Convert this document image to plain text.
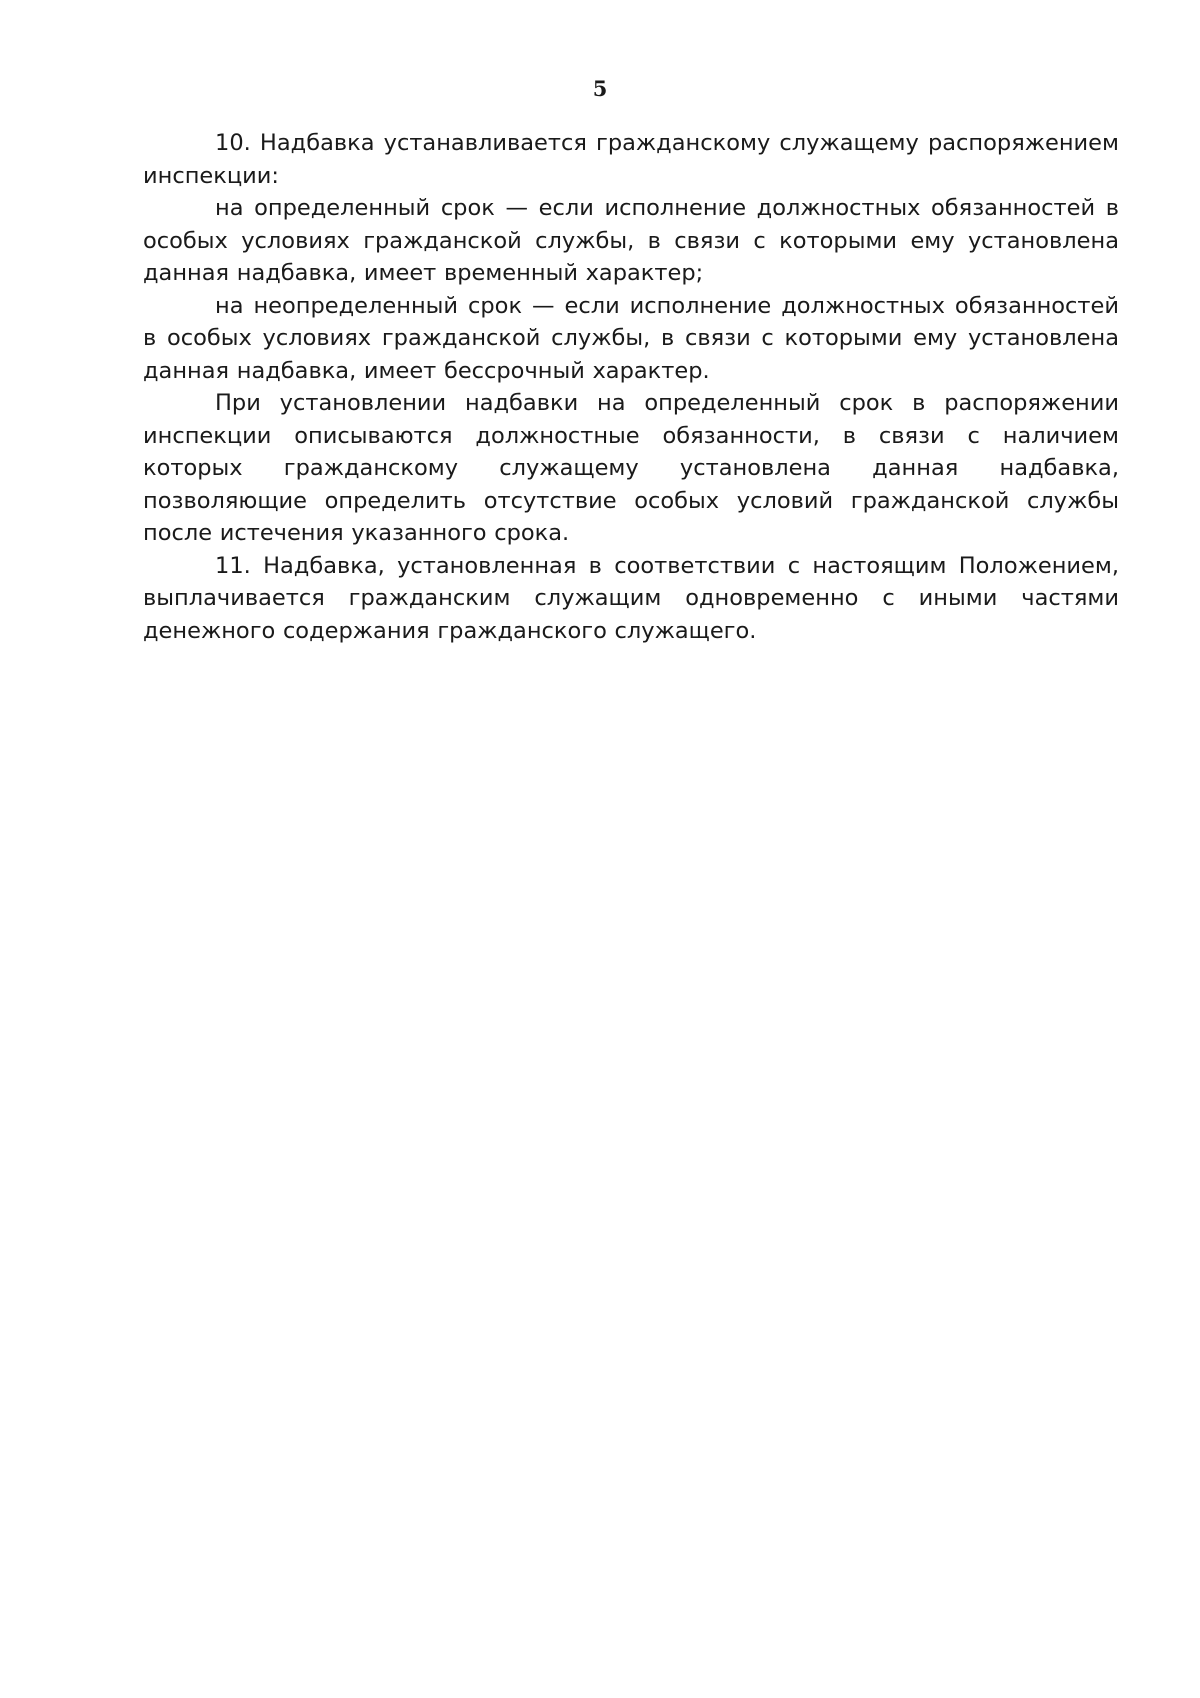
5

10. Надбавка устанавливается гражданскому служащему распоряжением инспекции:

на определенный срок — если исполнение должностных обязанностей в особых условиях гражданской службы, в связи с которыми ему установлена данная надбавка, имеет временный характер;

на неопределенный срок — если исполнение должностных обязанностей в особых условиях гражданской службы, в связи с которыми ему установлена данная надбавка, имеет бессрочный характер.

При установлении надбавки на определенный срок в распоряжении инспекции описываются должностные обязанности, в связи с наличием которых гражданскому служащему установлена данная надбавка, позволяющие определить отсутствие особых условий гражданской службы после истечения указанного срока.

11. Надбавка, установленная в соответствии с настоящим Положением, выплачивается гражданским служащим одновременно с иными частями денежного содержания гражданского служащего.
